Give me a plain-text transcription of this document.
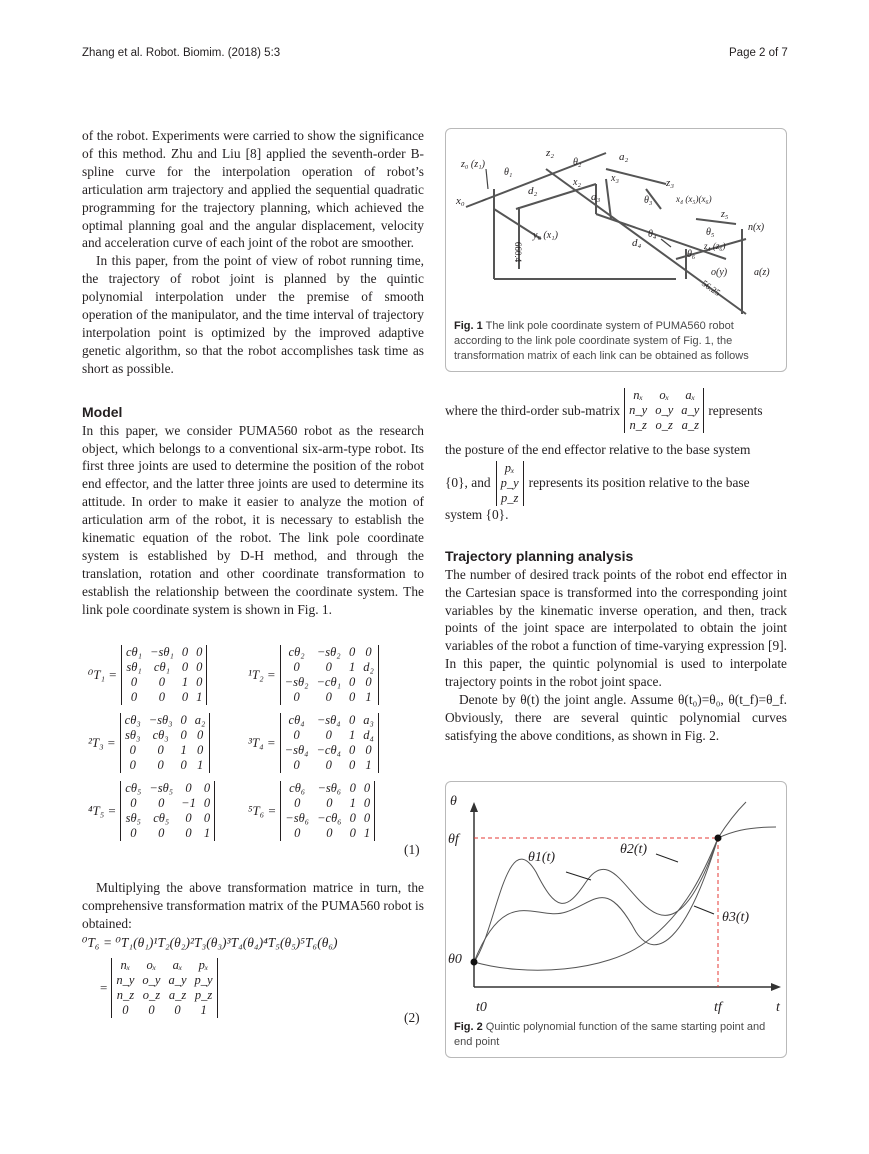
Zhang et al. Robot. Biomim. (2018) 5:3	Page 2 of 7

of the robot. Experiments were carried to show the significance of this method. Zhu and Liu [8] applied the seventh-order B-spline curve for the interpolation operation of robot’s articulation arm trajectory and applied the sequential quadratic programming for the trajectory planning, which achieved the optimal planning goal and the angular displacement, velocity and acceleration curve of each joint of the robot are smoother.

In this paper, from the point of view of robot running time, the trajectory of robot joint is planned by the quintic polynomial interpolation under the premise of smooth operation of the manipulator, and the time interval of trajectory interpolation point is optimized by the improved adaptive genetic algorithm, so that the robot accomplishes task time as short as possible.

Model

In this paper, we consider PUMA560 robot as the research object, which belongs to a conventional six-arm-type robot. Its first three joints are used to determine the position of the robot end effector, and the latter three joints are used to determine its attitude. In order to make it easier to analyze the motion of articulation arm of the robot, it is necessary to establish the kinematic equation of the robot. The link pole coordinate system is established by D-H method, and through the translation, rotation and other coordinate transformation to establish the relationship between the coordinate system. The link pole coordinate system is shown in Fig. 1.

⁰T₁ =
cθ₁	−sθ₁	0	0
sθ₁	cθ₁	0	0
0	0	1	0
0	0	0	1
¹T₂ =
cθ₂	−sθ₂	0	0
0	0	1	d₂
−sθ₂	−cθ₁	0	0
0	0	0	1
²T₃ =
cθ₃	−sθ₃	0	a₂
sθ₃	cθ₃	0	0
0	0	1	0
0	0	0	1
³T₄ =
cθ₄	−sθ₄	0	a₃
0	0	1	d₄
−sθ₄	−cθ₄	0	0
0	0	0	1
⁴T₅ =
cθ₅	−sθ₅	0	0
0	0	−1	0
sθ₅	cθ₅	0	0
0	0	0	1
⁵T₆ =
cθ₆	−sθ₆	0	0
0	0	1	0
−sθ₆	−cθ₆	0	0
0	0	0	1
(1)
Multiplying the above transformation matrice in turn, the comprehensive transformation matrix of the PUMA560 robot is obtained:
⁰T₆ = ⁰T₁(θ₁)¹T₂(θ₂)²T₃(θ₃)³T₄(θ₄)⁴T₅(θ₅)⁵T₆(θ₆)
=
nₓ	oₓ	aₓ	pₓ
n_y	o_y	a_y	p_y
n_z	o_z	a_z	p_z
0	0	0	1	(2)
z₀ (z₁)
x₀
θ₁
d₂
y₀ (x₁)
z₂
θ₂
x₂
a₂
x₃
a₃
z₃
θ₃	x₄ (x₅)(x₆)
z₅
θ₄
d₄
θ₅
z₄ (z₆)
θ₆
n(x)
o(y)	a(z)
660.4
56.25
Fig. 1 The link pole coordinate system of PUMA560 robot according to the link pole coordinate system of Fig. 1, the transformation matrix of each link can be obtained as follows
where the third-order sub-matrix
nₓ	oₓ	aₓ
n_y	o_y	a_y
n_z	o_z	a_z
represents
the posture of the end effector relative to the base system
{0}, and
pₓ
p_y
p_z
represents its position relative to the base
system {0}.
Trajectory planning analysis

The number of desired track points of the robot end effector in the Cartesian space is transformed into the corresponding joint variables by the kinematic inverse operation, and then, track points of the joint space are interpolated to obtain the joint variables of the robot a function of time-varying expression [9]. In this paper, the quintic polynomial is used to interpolate trajectory points in the robot joint space.

Denote by θ(t) the joint angle. Assume θ(t₀)=θ₀, θ(t_f)=θ_f. Obviously, there are several quintic polynomial curves satisfying the above conditions, as shown in Fig. 2.

θ
θf
θ0
t0	tf	t
θ1(t)
θ2(t)
θ3(t)
Fig. 2 Quintic polynomial function of the same starting point and end point
